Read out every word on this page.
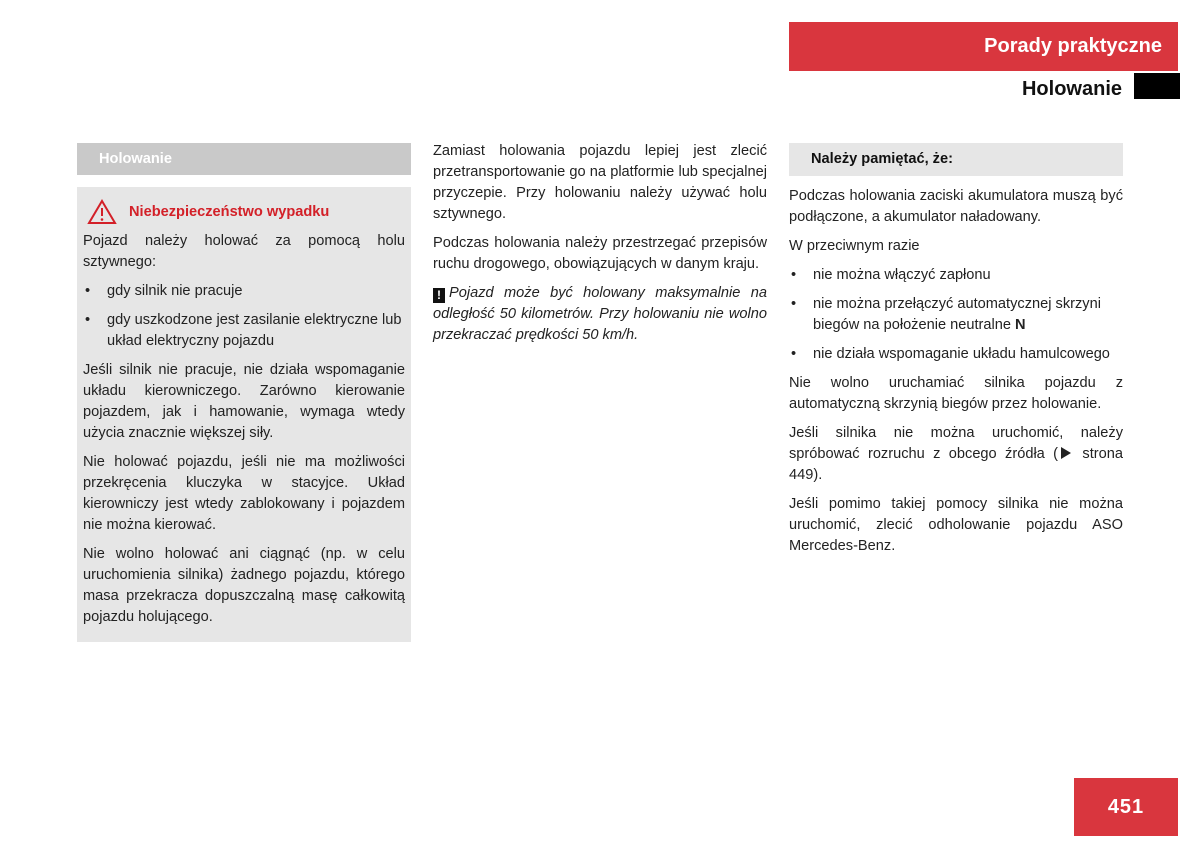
Porady praktyczne
Holowanie
Holowanie
Niebezpieczeństwo wypadku

Pojazd należy holować za pomocą holu sztywnego:

• gdy silnik nie pracuje
• gdy uszkodzone jest zasilanie elektryczne lub układ elektryczny pojazdu

Jeśli silnik nie pracuje, nie działa wspomaganie układu kierowniczego. Zarówno kierowanie pojazdem, jak i hamowanie, wymaga wtedy użycia znacznie większej siły.

Nie holować pojazdu, jeśli nie ma możliwości przekręcenia kluczyka w stacyjce. Układ kierowniczy jest wtedy zablokowany i pojazdem nie można kierować.

Nie wolno holować ani ciągnąć (np. w celu uruchomienia silnika) żadnego pojazdu, którego masa przekracza dopuszczalną masę całkowitą pojazdu holującego.

Zamiast holowania pojazdu lepiej jest zlecić przetransportowanie go na platformie lub specjalnej przyczepie. Przy holowaniu należy używać holu sztywnego.

Podczas holowania należy przestrzegać przepisów ruchu drogowego, obowiązujących w danym kraju.

! Pojazd może być holowany maksymalnie na odległość 50 kilometrów. Przy holowaniu nie wolno przekraczać prędkości 50 km/h.

Należy pamiętać, że:

Podczas holowania zaciski akumulatora muszą być podłączone, a akumulator naładowany.

W przeciwnym razie

• nie można włączyć zapłonu
• nie można przełączyć automatycznej skrzyni biegów na położenie neutralne N
• nie działa wspomaganie układu hamulcowego

Nie wolno uruchamiać silnika pojazdu z automatyczną skrzynią biegów przez holowanie.

Jeśli silnika nie można uruchomić, należy spróbować rozruchu z obcego źródła ( strona 449).

Jeśli pomimo takiej pomocy silnika nie można uruchomić, zlecić odholowanie pojazdu ASO Mercedes-Benz.

451
